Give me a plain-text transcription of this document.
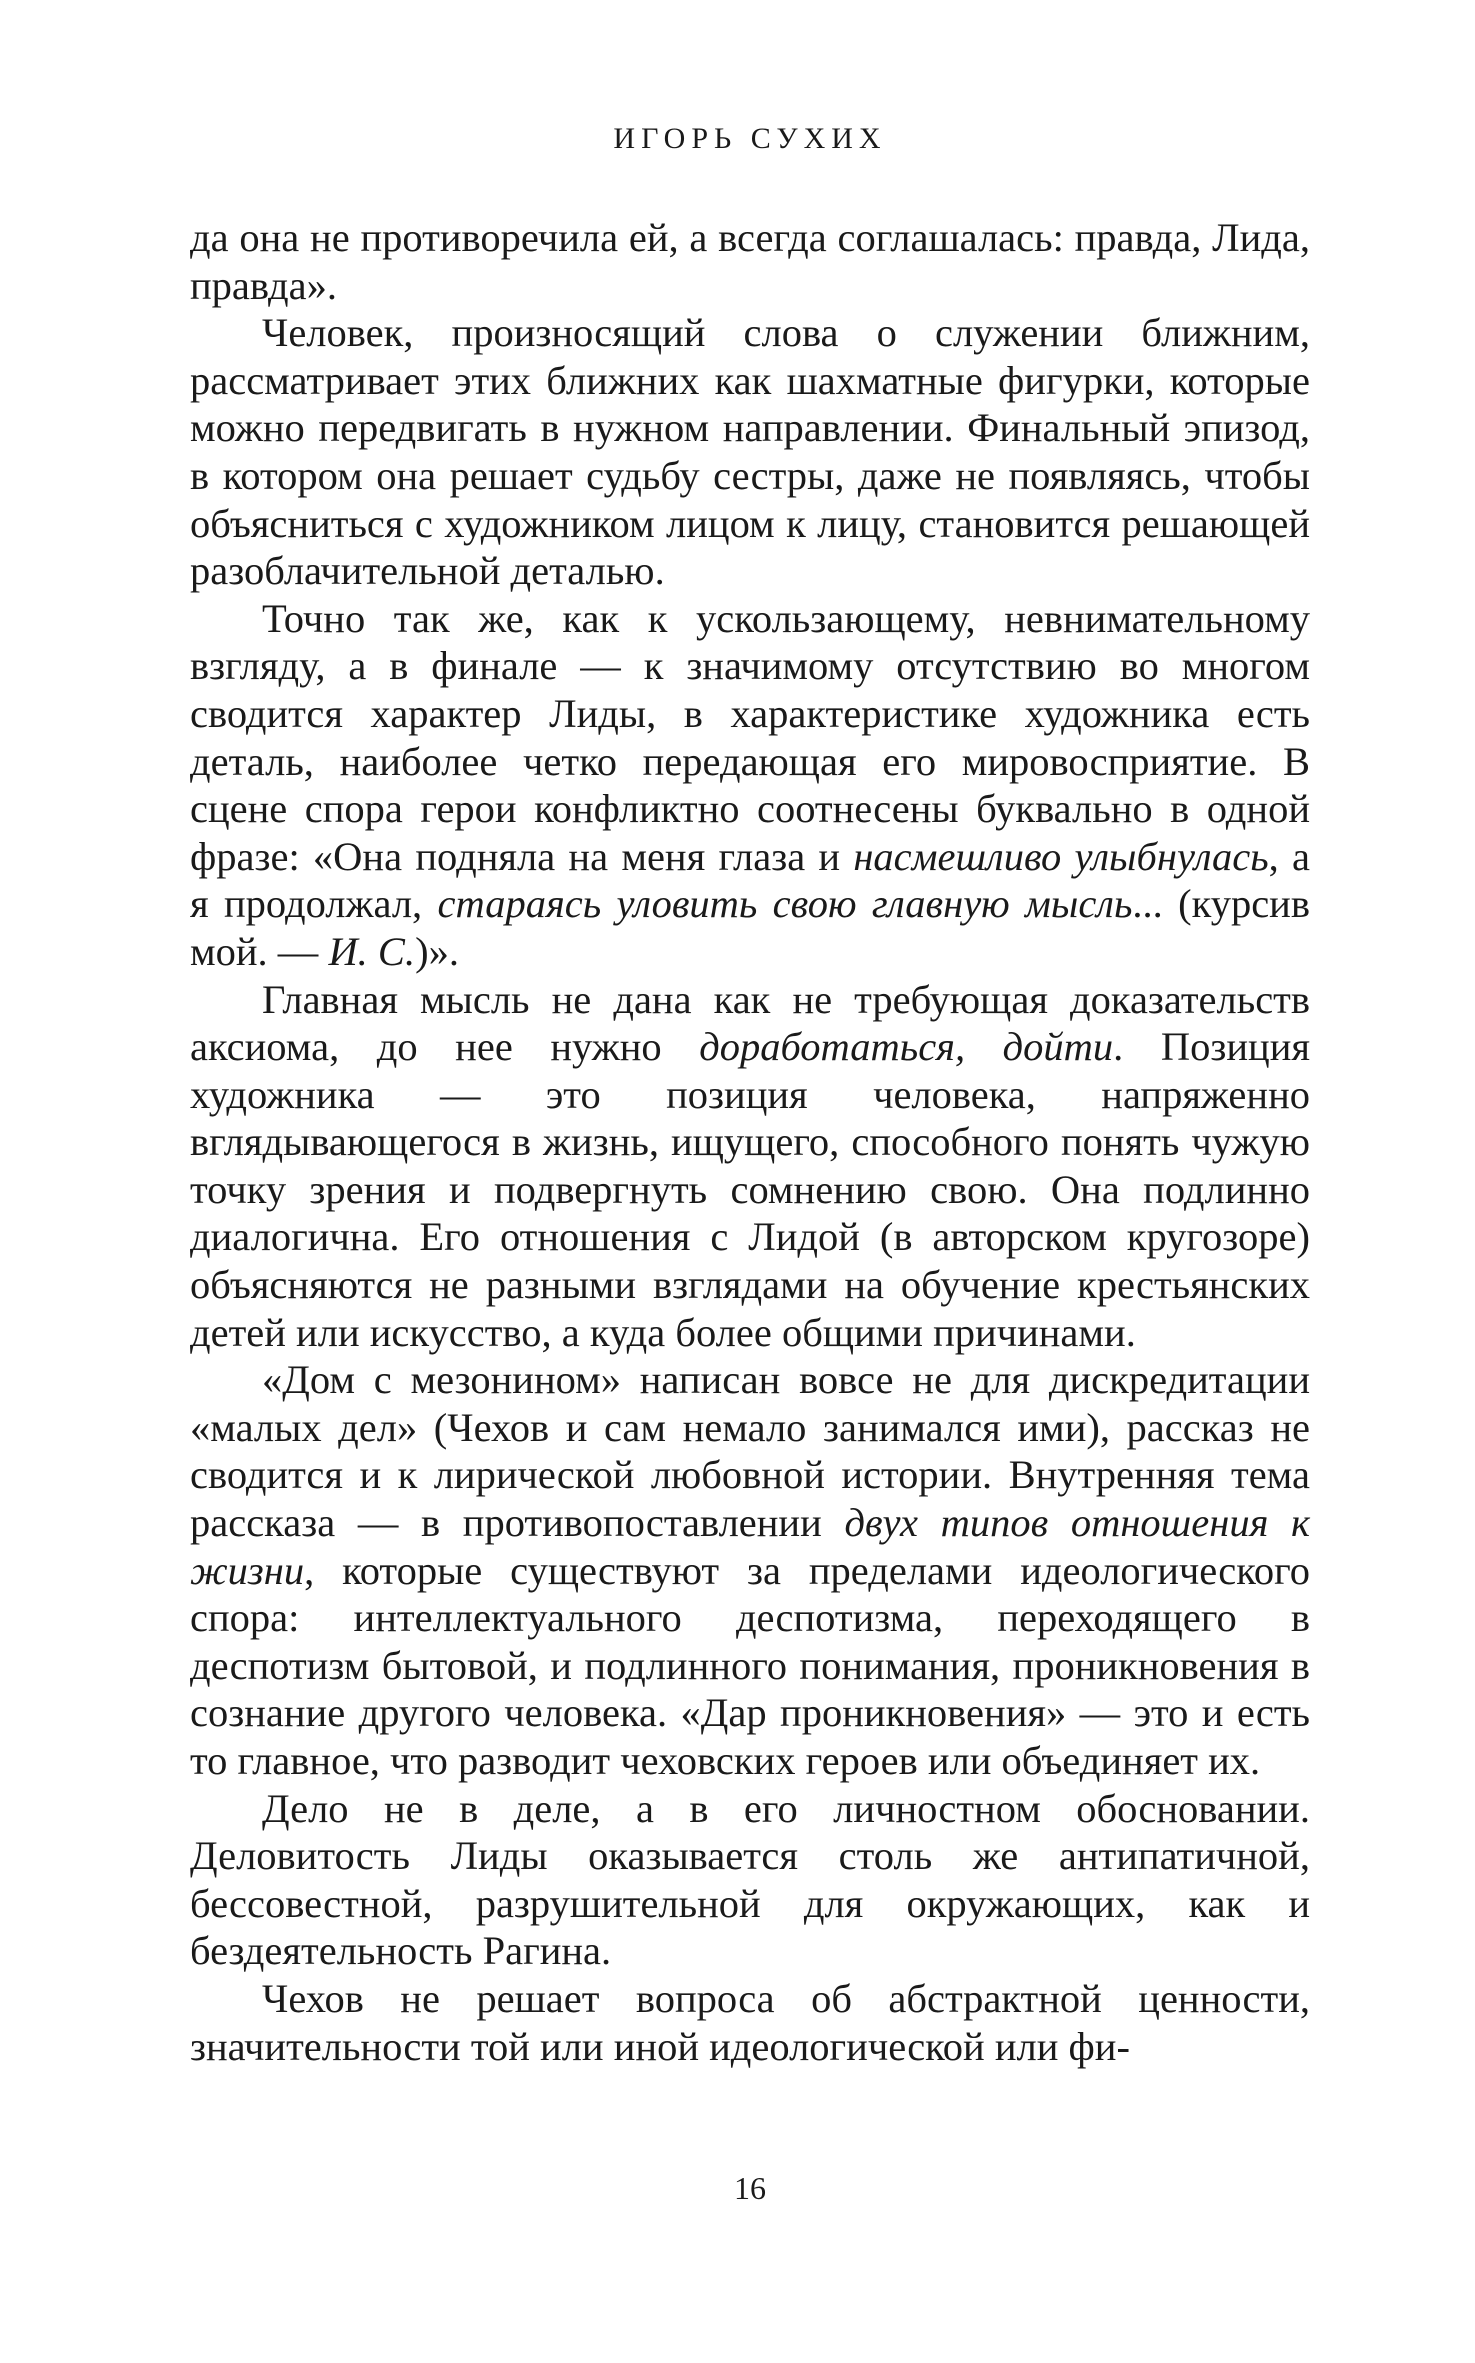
ИГОРЬ СУХИХ

да она не противоречила ей, а всегда соглашалась: правда, Лида, правда».

Человек, произносящий слова о служении ближним, рассматривает этих ближних как шахматные фигурки, которые можно передвигать в нужном направлении. Финальный эпизод, в котором она решает судьбу сестры, даже не появляясь, чтобы объясниться с художником лицом к лицу, становится решающей разоблачительной деталью.

Точно так же, как к ускользающему, невнимательному взгляду, а в финале — к значимому отсутствию во многом сводится характер Лиды, в характеристике художника есть деталь, наиболее четко передающая его мировосприятие. В сцене спора герои конфликтно соотнесены буквально в одной фразе: «Она подняла на меня глаза и насмешливо улыбнулась, а я продолжал, стараясь уловить свою главную мысль... (курсив мой. — И. С.)».

Главная мысль не дана как не требующая доказательств аксиома, до нее нужно доработаться, дойти. Позиция художника — это позиция человека, напряженно вглядывающегося в жизнь, ищущего, способного понять чужую точку зрения и подвергнуть сомнению свою. Она подлинно диалогична. Его отношения с Лидой (в авторском кругозоре) объясняются не разными взглядами на обучение крестьянских детей или искусство, а куда более общими причинами.

«Дом с мезонином» написан вовсе не для дискредитации «малых дел» (Чехов и сам немало занимался ими), рассказ не сводится и к лирической любовной истории. Внутренняя тема рассказа — в противопоставлении двух типов отношения к жизни, которые существуют за пределами идеологического спора: интеллектуального деспотизма, переходящего в деспотизм бытовой, и подлинного понимания, проникновения в сознание другого человека. «Дар проникновения» — это и есть то главное, что разводит чеховских героев или объединяет их.

Дело не в деле, а в его личностном обосновании. Деловитость Лиды оказывается столь же антипатичной, бессовестной, разрушительной для окружающих, как и бездеятельность Рагина.

Чехов не решает вопроса об абстрактной ценности, значительности той или иной идеологической или фи-

16
